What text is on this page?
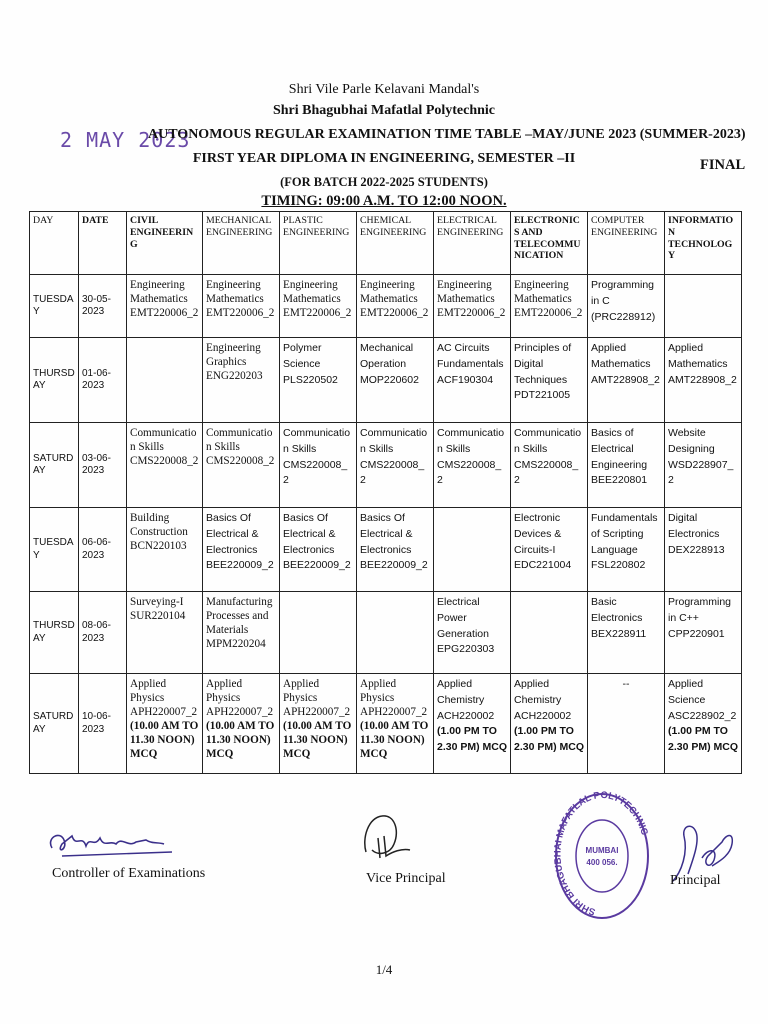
Shri Vile Parle Kelavani Mandal's
Shri Bhagubhai Mafatlal Polytechnic
2 MAY 2023
AUTONOMOUS REGULAR EXAMINATION TIME TABLE –MAY/JUNE 2023 (SUMMER-2023)
FIRST YEAR DIPLOMA IN ENGINEERING, SEMESTER –II	FINAL
(FOR BATCH 2022-2025 STUDENTS)
TIMING: 09:00 A.M. TO 12:00 NOON.
DAY	DATE	CIVIL ENGINEERING	MECHANICAL ENGINEERING	PLASTIC ENGINEERING	CHEMICAL ENGINEERING	ELECTRICAL ENGINEERING	ELECTRONICS AND TELECOMMUNICATION	COMPUTER ENGINEERING	INFORMATION TECHNOLOGY
TUESDAY	30-05-2023	Engineering Mathematics EMT220006_2	Engineering Mathematics EMT220006_2	Engineering Mathematics EMT220006_2	Engineering Mathematics EMT220006_2	Engineering Mathematics EMT220006_2	Engineering Mathematics EMT220006_2	Programming in C (PRC228912)	
THURSDAY	01-06-2023		Engineering Graphics ENG220203	Polymer Science PLS220502	Mechanical Operation MOP220602	AC Circuits Fundamentals ACF190304	Principles of Digital Techniques PDT221005	Applied Mathematics AMT228908_2	Applied Mathematics AMT228908_2
SATURDAY	03-06-2023	Communication Skills CMS220008_2	Communication Skills CMS220008_2	Communication Skills CMS220008_2	Communication Skills CMS220008_2	Communication Skills CMS220008_2	Communication Skills CMS220008_2	Basics of Electrical Engineering BEE220801	Website Designing WSD228907_2
TUESDAY	06-06-2023	Building Construction BCN220103	Basics Of Electrical & Electronics BEE220009_2	Basics Of Electrical & Electronics BEE220009_2	Basics Of Electrical & Electronics BEE220009_2		Electronic Devices & Circuits-I EDC221004	Fundamentals of Scripting Language FSL220802	Digital Electronics DEX228913
THURSDAY	08-06-2023	Surveying-I SUR220104	Manufacturing Processes and Materials MPM220204			Electrical Power Generation EPG220303		Basic Electronics BEX228911	Programming in C++ CPP220901
SATURDAY	10-06-2023	Applied Physics APH220007_2 (10.00 AM TO 11.30 NOON) MCQ	Applied Physics APH220007_2 (10.00 AM TO 11.30 NOON) MCQ	Applied Physics APH220007_2 (10.00 AM TO 11.30 NOON) MCQ	Applied Physics APH220007_2 (10.00 AM TO 11.30 NOON) MCQ	Applied Chemistry ACH220002 (1.00 PM TO 2.30 PM) MCQ	Applied Chemistry ACH220002 (1.00 PM TO 2.30 PM) MCQ	--	Applied Science ASC228902_2 (1.00 PM TO 2.30 PM) MCQ
Controller of Examinations	Vice Principal
SHRI BHAGUBHAI MAFATLAL POLYTECHNIC
MUMBAI
400 056.
Principal
1/4
